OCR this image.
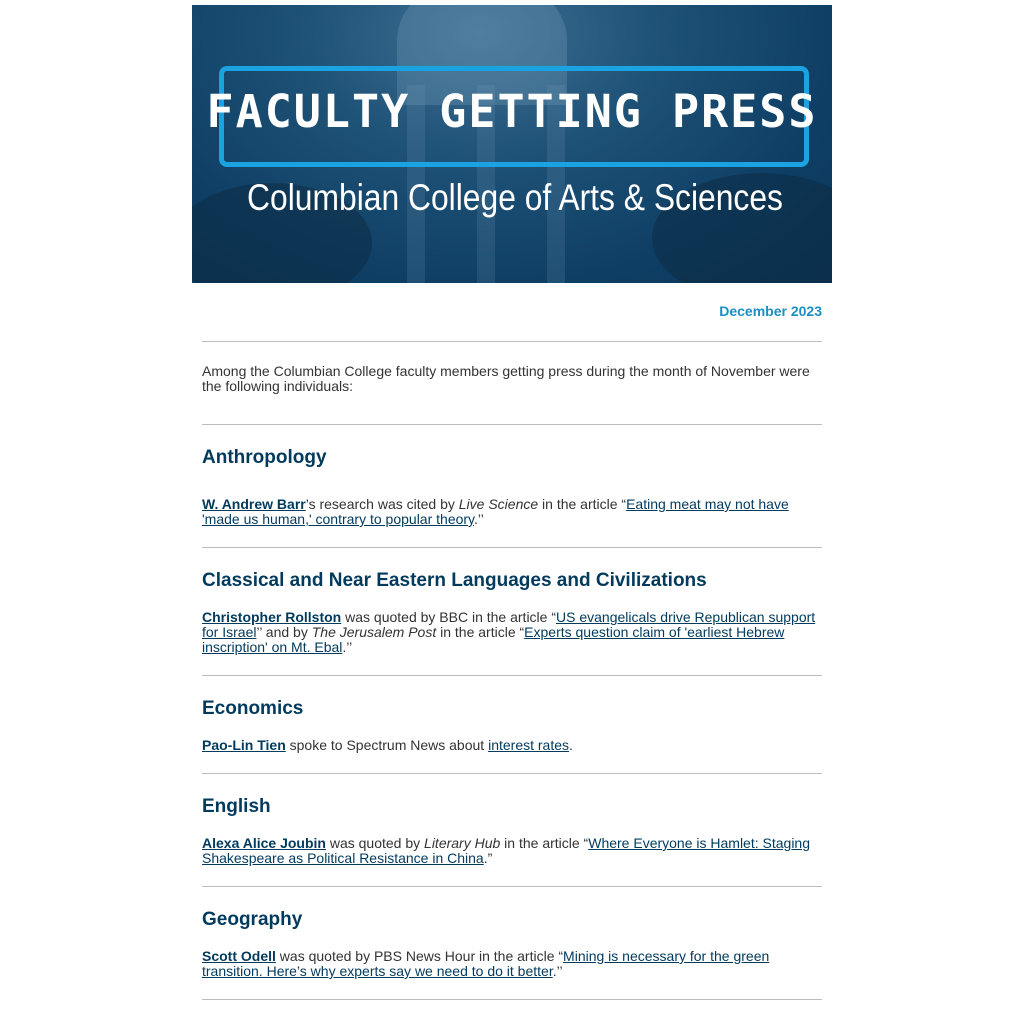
FACULTY GETTING PRESS
Columbian College of Arts & Sciences
December 2023

Among the Columbian College faculty members getting press during the month of November were the following individuals:

Anthropology

W. Andrew Barr’s research was cited by Live Science in the article “Eating meat may not have 'made us human,' contrary to popular theory.’’

Classical and Near Eastern Languages and Civilizations

Christopher Rollston was quoted by BBC in the article “US evangelicals drive Republican support for Israel’’ and by The Jerusalem Post in the article “Experts question claim of 'earliest Hebrew inscription' on Mt. Ebal.’’

Economics

Pao-Lin Tien spoke to Spectrum News about interest rates.

English

Alexa Alice Joubin was quoted by Literary Hub in the article “Where Everyone is Hamlet: Staging Shakespeare as Political Resistance in China.”

Geography

Scott Odell was quoted by PBS News Hour in the article “Mining is necessary for the green transition. Here’s why experts say we need to do it better.’’
